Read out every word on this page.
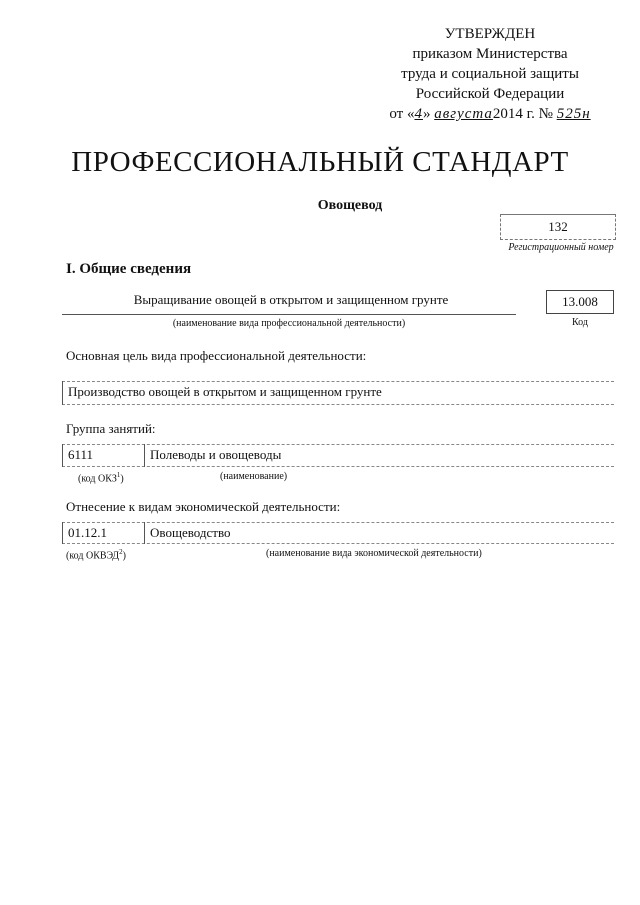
УТВЕРЖДЕН
приказом Министерства
труда и социальной защиты
Российской Федерации
от «4» августа2014 г. № 525н
ПРОФЕССИОНАЛЬНЫЙ СТАНДАРТ
Овощевод
132
Регистрационный номер
I. Общие сведения
Выращивание овощей в открытом и защищенном грунте
(наименование вида профессиональной деятельности)
13.008
Код
Основная цель вида профессиональной деятельности:
Производство овощей в открытом и защищенном грунте
Группа занятий:
6111	Полеводы и овощеводы
(код ОКЗ$^1$)	(наименование)
Отнесение к видам экономической деятельности:
01.12.1	Овощеводство
(код ОКВЭД$^2$)	(наименование вида экономической деятельности)
